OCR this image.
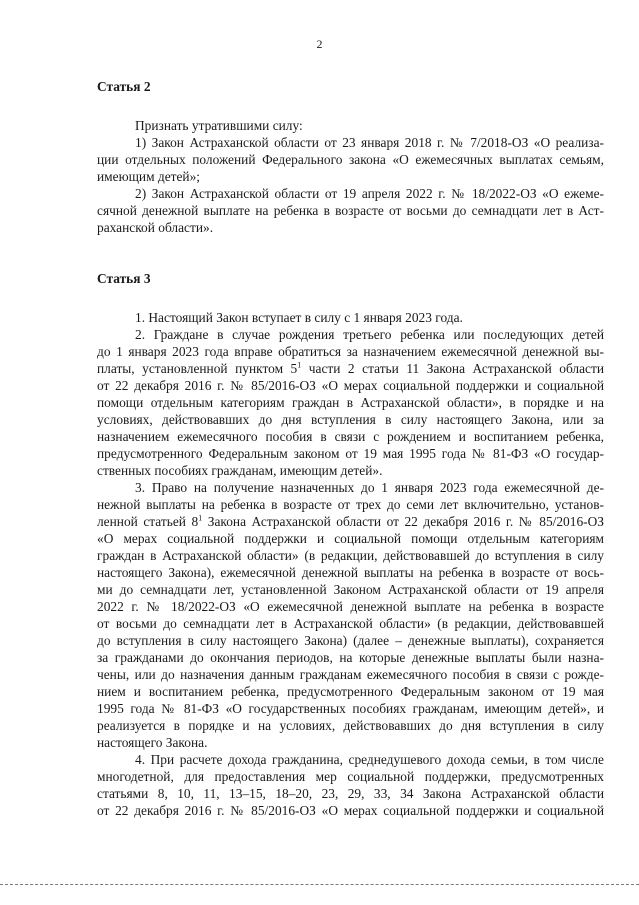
2
Статья 2
Признать утратившими силу:
1) Закон Астраханской области от 23 января 2018 г. № 7/2018-ОЗ «О реализа-
ции отдельных положений Федерального закона «О ежемесячных выплатах семьям,
имеющим детей»;
2) Закон Астраханской области от 19 апреля 2022 г. № 18/2022-ОЗ «О ежеме-
сячной денежной выплате на ребенка в возрасте от восьми до семнадцати лет в Аст-
раханской области».
Статья 3
1. Настоящий Закон вступает в силу с 1 января 2023 года.
2. Граждане в случае рождения третьего ребенка или последующих детей
до 1 января 2023 года вправе обратиться за назначением ежемесячной денежной вы-
платы, установленной пунктом $5^1$ части 2 статьи 11 Закона Астраханской области
от 22 декабря 2016 г. № 85/2016-ОЗ «О мерах социальной поддержки и социальной
помощи отдельным категориям граждан в Астраханской области», в порядке и на
условиях, действовавших до дня вступления в силу настоящего Закона, или за
назначением ежемесячного пособия в связи с рождением и воспитанием ребенка,
предусмотренного Федеральным законом от 19 мая 1995 года № 81-ФЗ «О государ-
ственных пособиях гражданам, имеющим детей».
3. Право на получение назначенных до 1 января 2023 года ежемесячной де-
нежной выплаты на ребенка в возрасте от трех до семи лет включительно, установ-
ленной статьей $8^1$ Закона Астраханской области от 22 декабря 2016 г. № 85/2016-ОЗ
«О мерах социальной поддержки и социальной помощи отдельным категориям
граждан в Астраханской области» (в редакции, действовавшей до вступления в силу
настоящего Закона), ежемесячной денежной выплаты на ребенка в возрасте от вось-
ми до семнадцати лет, установленной Законом Астраханской области от 19 апреля
2022 г. № 18/2022-ОЗ «О ежемесячной денежной выплате на ребенка в возрасте
от восьми до семнадцати лет в Астраханской области» (в редакции, действовавшей
до вступления в силу настоящего Закона) (далее – денежные выплаты), сохраняется
за гражданами до окончания периодов, на которые денежные выплаты были назна-
чены, или до назначения данным гражданам ежемесячного пособия в связи с рожде-
нием и воспитанием ребенка, предусмотренного Федеральным законом от 19 мая
1995 года № 81-ФЗ «О государственных пособиях гражданам, имеющим детей», и
реализуется в порядке и на условиях, действовавших до дня вступления в силу
настоящего Закона.
4. При расчете дохода гражданина, среднедушевого дохода семьи, в том числе
многодетной, для предоставления мер социальной поддержки, предусмотренных
статьями 8, 10, 11, 13–15, 18–20, 23, 29, 33, 34 Закона Астраханской области
от 22 декабря 2016 г. № 85/2016-ОЗ «О мерах социальной поддержки и социальной
